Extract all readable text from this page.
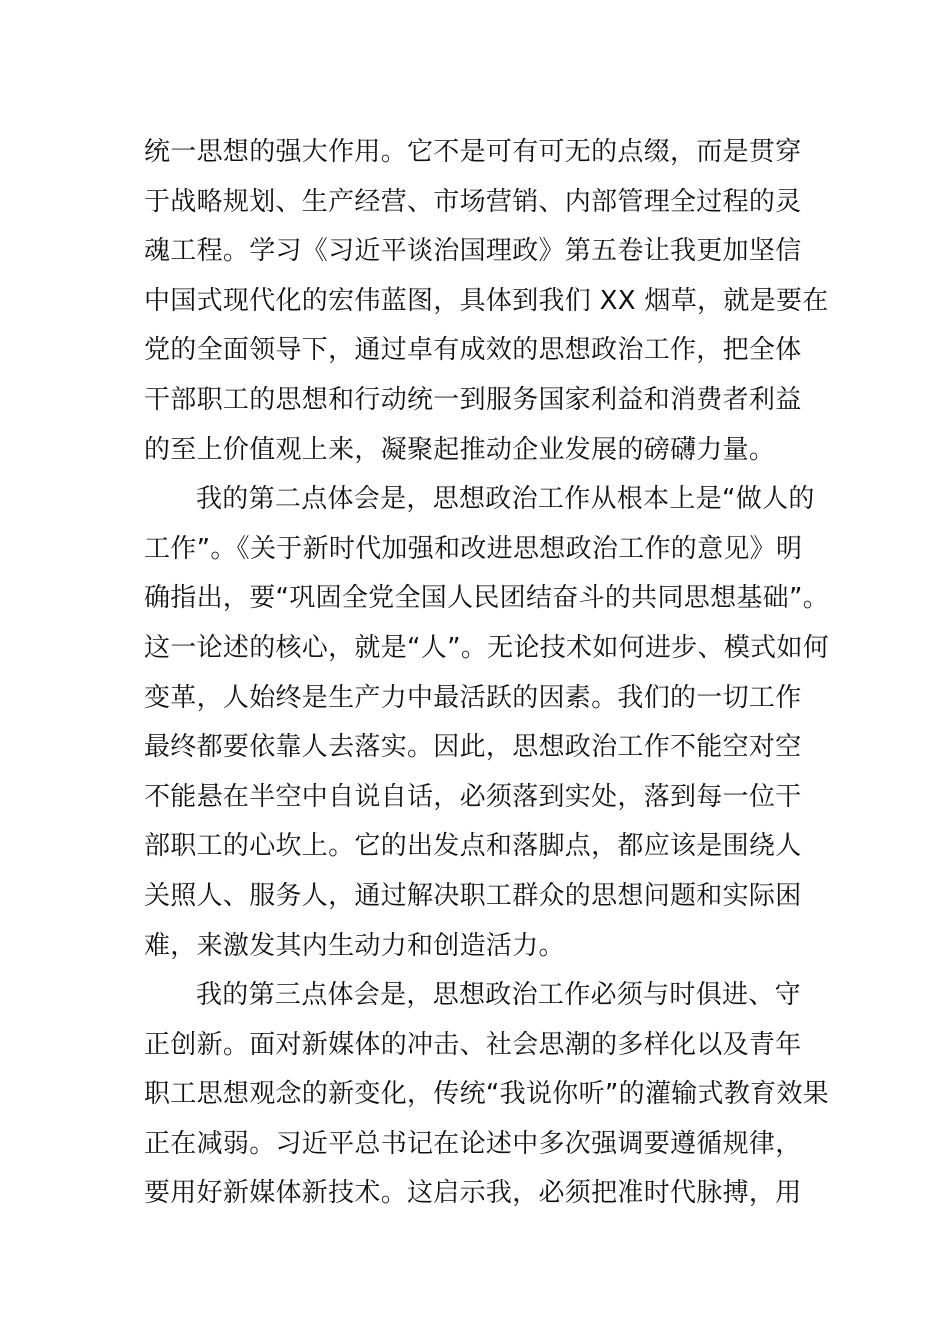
统一思想的强大作用。它不是可有可无的点缀，而是贯穿
于战略规划、生产经营、市场营销、内部管理全过程的灵
魂工程。学习《习近平谈治国理政》第五卷让我更加坚信
中国式现代化的宏伟蓝图，具体到我们 XX 烟草，就是要在
党的全面领导下，通过卓有成效的思想政治工作，把全体
干部职工的思想和行动统一到服务国家利益和消费者利益
的至上价值观上来，凝聚起推动企业发展的磅礴力量。
我的第二点体会是，思想政治工作从根本上是“做人的
工作”。《关于新时代加强和改进思想政治工作的意见》明
确指出，要“巩固全党全国人民团结奋斗的共同思想基础”。
这一论述的核心，就是“人”。无论技术如何进步、模式如何
变革，人始终是生产力中最活跃的因素。我们的一切工作
最终都要依靠人去落实。因此，思想政治工作不能空对空
不能悬在半空中自说自话，必须落到实处，落到每一位干
部职工的心坎上。它的出发点和落脚点，都应该是围绕人
关照人、服务人，通过解决职工群众的思想问题和实际困
难，来激发其内生动力和创造活力。
我的第三点体会是，思想政治工作必须与时俱进、守
正创新。面对新媒体的冲击、社会思潮的多样化以及青年
职工思想观念的新变化，传统“我说你听”的灌输式教育效果
正在减弱。习近平总书记在论述中多次强调要遵循规律，
要用好新媒体新技术。这启示我，必须把准时代脉搏，用
